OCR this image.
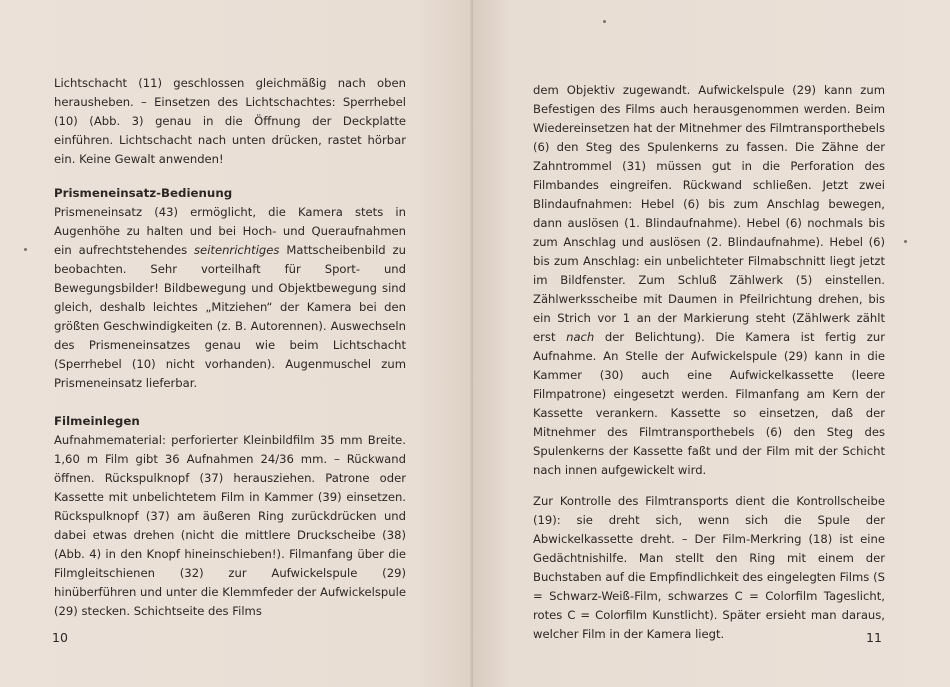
Lichtschacht (11) geschlossen gleichmäßig nach oben herausheben. – Einsetzen des Lichtschachtes: Sperrhebel (10) (Abb. 3) genau in die Öffnung der Deckplatte einführen. Lichtschacht nach unten drücken, rastet hörbar ein. Keine Gewalt anwenden!

Prismeneinsatz-Bedienung

Prismeneinsatz (43) ermöglicht, die Kamera stets in Augenhöhe zu halten und bei Hoch- und Queraufnahmen ein aufrechtstehendes seitenrichtiges Mattscheibenbild zu beobachten. Sehr vorteilhaft für Sport- und Bewegungsbilder! Bildbewegung und Objektbewegung sind gleich, deshalb leichtes „Mitziehen“ der Kamera bei den größten Geschwindigkeiten (z. B. Autorennen). Auswechseln des Prismeneinsatzes genau wie beim Lichtschacht (Sperrhebel (10) nicht vorhanden). Augenmuschel zum Prismeneinsatz lieferbar.

Filmeinlegen

Aufnahmematerial: perforierter Kleinbildfilm 35 mm Breite. 1,60 m Film gibt 36 Aufnahmen 24/36 mm. – Rückwand öffnen. Rückspulknopf (37) herausziehen. Patrone oder Kassette mit unbelichtetem Film in Kammer (39) einsetzen. Rückspulknopf (37) am äußeren Ring zurückdrücken und dabei etwas drehen (nicht die mittlere Druckscheibe (38) (Abb. 4) in den Knopf hineinschieben!). Filmanfang über die Filmgleitschienen (32) zur Aufwickelspule (29) hinüberführen und unter die Klemmfeder der Aufwickelspule (29) stecken. Schichtseite des Films

10

dem Objektiv zugewandt. Aufwickelspule (29) kann zum Befestigen des Films auch herausgenommen werden. Beim Wiedereinsetzen hat der Mitnehmer des Filmtransporthebels (6) den Steg des Spulenkerns zu fassen. Die Zähne der Zahntrommel (31) müssen gut in die Perforation des Filmbandes eingreifen. Rückwand schließen. Jetzt zwei Blindaufnahmen: Hebel (6) bis zum Anschlag bewegen, dann auslösen (1. Blindaufnahme). Hebel (6) nochmals bis zum Anschlag und auslösen (2. Blindaufnahme). Hebel (6) bis zum Anschlag: ein unbelichteter Filmabschnitt liegt jetzt im Bildfenster. Zum Schluß Zählwerk (5) einstellen. Zählwerksscheibe mit Daumen in Pfeilrichtung drehen, bis ein Strich vor 1 an der Markierung steht (Zählwerk zählt erst nach der Belichtung). Die Kamera ist fertig zur Aufnahme. An Stelle der Aufwickelspule (29) kann in die Kammer (30) auch eine Aufwickelkassette (leere Filmpatrone) eingesetzt werden. Filmanfang am Kern der Kassette verankern. Kassette so einsetzen, daß der Mitnehmer des Filmtransporthebels (6) den Steg des Spulenkerns der Kassette faßt und der Film mit der Schicht nach innen aufgewickelt wird.

Zur Kontrolle des Filmtransports dient die Kontrollscheibe (19): sie dreht sich, wenn sich die Spule der Abwickelkassette dreht. – Der Film-Merkring (18) ist eine Gedächtnishilfe. Man stellt den Ring mit einem der Buchstaben auf die Empfindlichkeit des eingelegten Films (S = Schwarz-Weiß-Film, schwarzes C = Colorfilm Tageslicht, rotes C = Colorfilm Kunstlicht). Später ersieht man daraus, welcher Film in der Kamera liegt.	11
